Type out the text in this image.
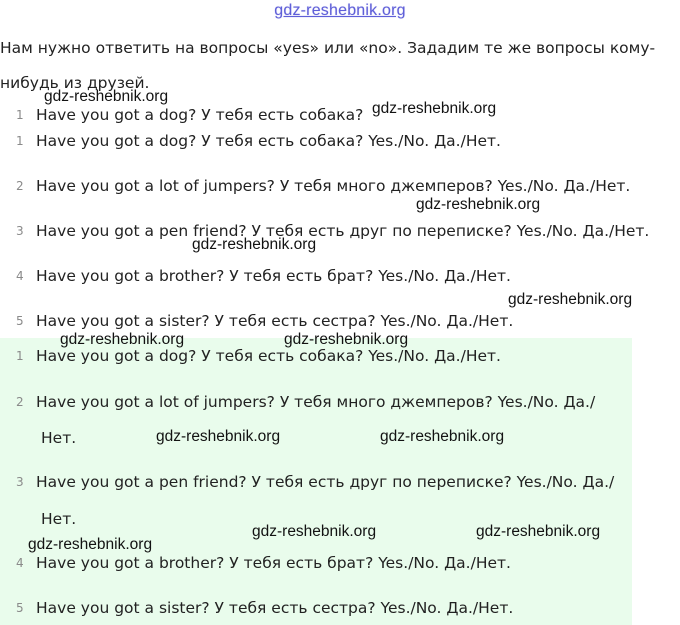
gdz-reshebnik.org
Нам нужно ответить на вопросы «yes» или «no». Зададим те же вопросы кому-
нибудь из друзей.
1 Have you got a dog? У тебя есть собака?
1 Have you got a dog? У тебя есть собака? Yes./No. Да./Нет.
2 Have you got a lot of jumpers? У тебя много джемперов? Yes./No. Да./Нет.
3 Have you got a pen friend? У тебя есть друг по переписке? Yes./No. Да./Нет.
4 Have you got a brother? У тебя есть брат? Yes./No. Да./Нет.
5 Have you got a sister? У тебя есть сестра? Yes./No. Да./Нет.
1 Have you got a dog? У тебя есть собака? Yes./No. Да./Нет.
2 Have you got a lot of jumpers? У тебя много джемперов? Yes./No. Да./
Нет.
3 Have you got a pen friend? У тебя есть друг по переписке? Yes./No. Да./
Нет.
4 Have you got a brother? У тебя есть брат? Yes./No. Да./Нет.
5 Have you got a sister? У тебя есть сестра? Yes./No. Да./Нет.
gdz-reshebnik.org
gdz-reshebnik.org
gdz-reshebnik.org
gdz-reshebnik.org
gdz-reshebnik.org
gdz-reshebnik.org	gdz-reshebnik.org
gdz-reshebnik.org	gdz-reshebnik.org
gdz-reshebnik.org	gdz-reshebnik.org
gdz-reshebnik.org
